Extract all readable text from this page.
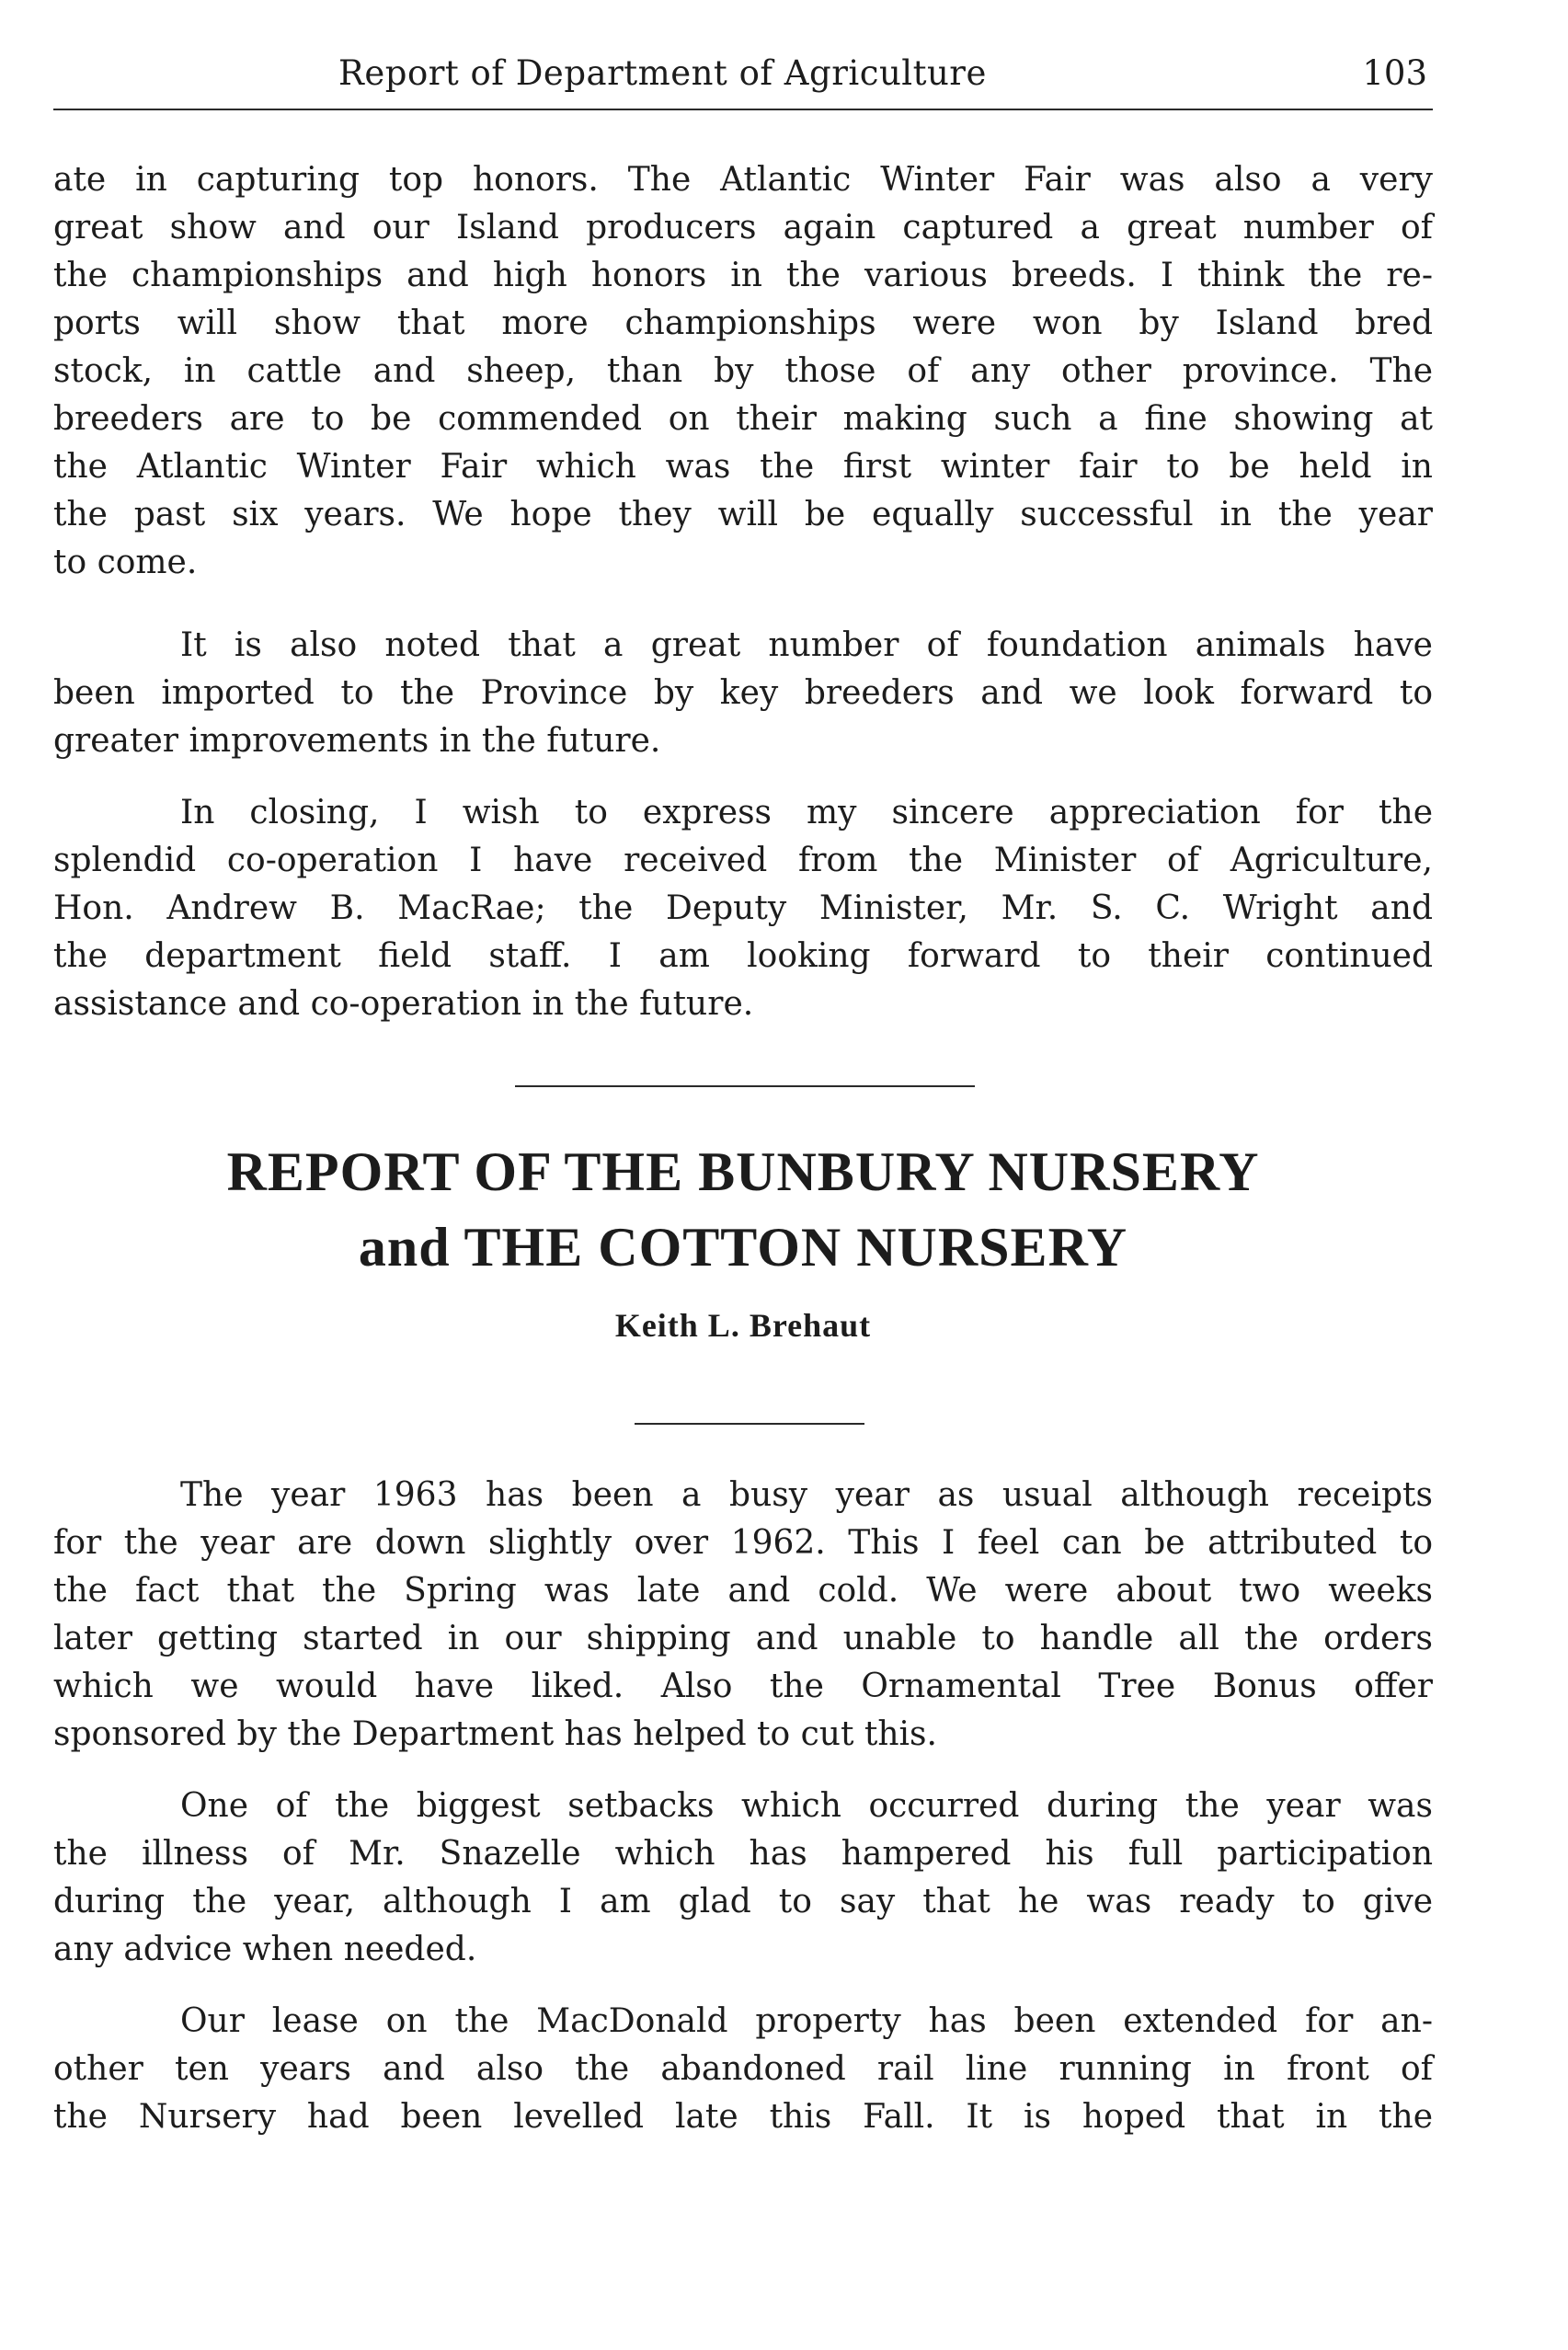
Report of Department of Agriculture	103
ate in capturing top honors. The Atlantic Winter Fair was also a very
great show and our Island producers again captured a great number of
the championships and high honors in the various breeds. I think the re-
ports will show that more championships were won by Island bred
stock, in cattle and sheep, than by those of any other province. The
breeders are to be commended on their making such a fine showing at
the Atlantic Winter Fair which was the first winter fair to be held in
the past six years. We hope they will be equally successful in the year
to come.
It is also noted that a great number of foundation animals have
been imported to the Province by key breeders and we look forward to
greater improvements in the future.
In closing, I wish to express my sincere appreciation for the
splendid co-operation I have received from the Minister of Agriculture,
Hon. Andrew B. MacRae; the Deputy Minister, Mr. S. C. Wright and
the department field staff. I am looking forward to their continued
assistance and co-operation in the future.
REPORT OF THE BUNBURY NURSERY
and THE COTTON NURSERY
Keith L. Brehaut
The year 1963 has been a busy year as usual although receipts
for the year are down slightly over 1962. This I feel can be attributed to
the fact that the Spring was late and cold. We were about two weeks
later getting started in our shipping and unable to handle all the orders
which we would have liked. Also the Ornamental Tree Bonus offer
sponsored by the Department has helped to cut this.
One of the biggest setbacks which occurred during the year was
the illness of Mr. Snazelle which has hampered his full participation
during the year, although I am glad to say that he was ready to give
any advice when needed.
Our lease on the MacDonald property has been extended for an-
other ten years and also the abandoned rail line running in front of
the Nursery had been levelled late this Fall. It is hoped that in the
